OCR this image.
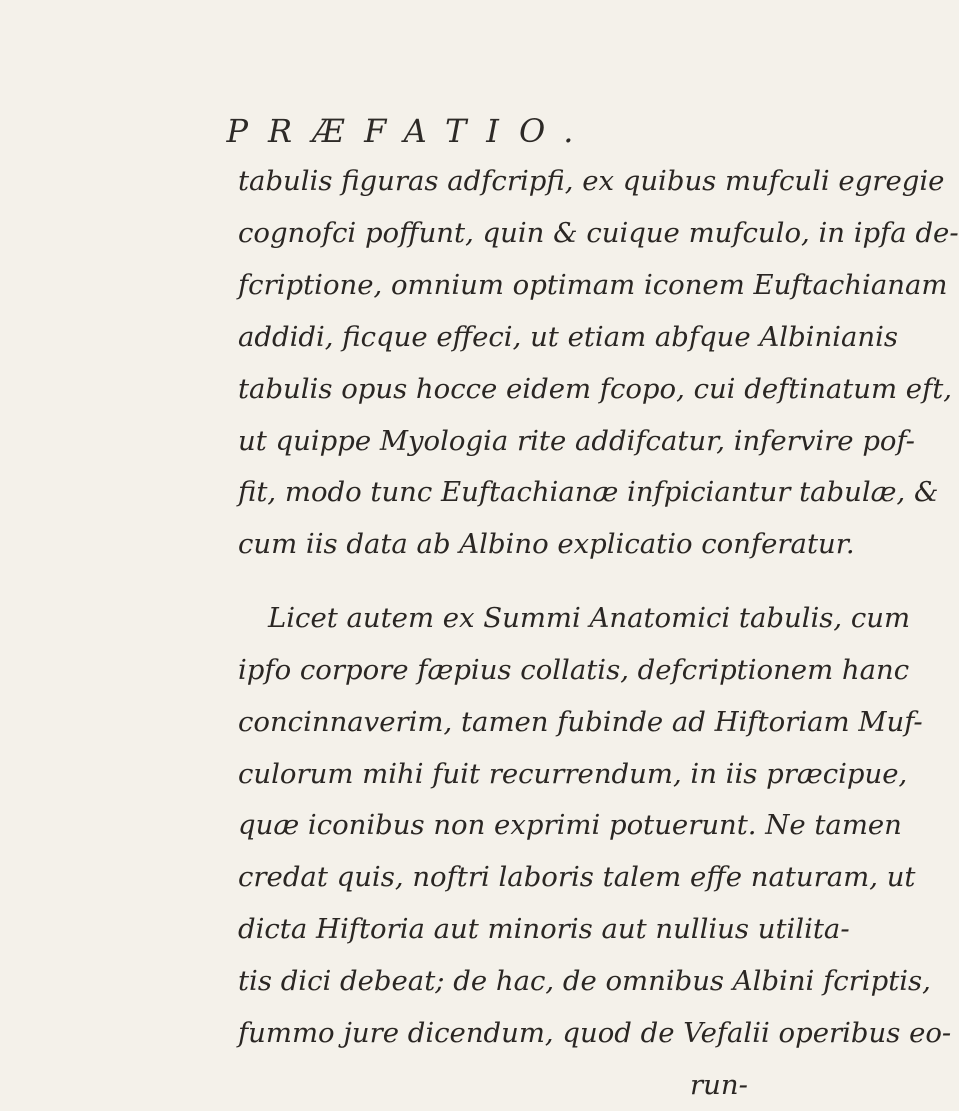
PRÆFATIO.
tabulis figuras adfcripfi, ex quibus mufculi egregie
cognofci poffunt, quin & cuique mufculo, in ipfa de-
fcriptione, omnium optimam iconem Euftachianam
addidi, ficque effeci, ut etiam abfque Albinianis
tabulis opus hocce eidem fcopo, cui deftinatum eft,
ut quippe Myologia rite addifcatur, infervire pof-
fit, modo tunc Euftachianæ infpiciantur tabulæ, &
cum iis data ab Albino explicatio conferatur.
Licet autem ex Summi Anatomici tabulis, cum
ipfo corpore fæpius collatis, defcriptionem hanc
concinnaverim, tamen fubinde ad Hiftoriam Muf-
culorum mihi fuit recurrendum, in iis præcipue,
quæ iconibus non exprimi potuerunt. Ne tamen
credat quis, noftri laboris talem effe naturam, ut
dicta Hiftoria aut minoris aut nullius utilita-
tis dici debeat; de hac, de omnibus Albini fcriptis,
fummo jure dicendum, quod de Vefalii operibus eo-
run-
